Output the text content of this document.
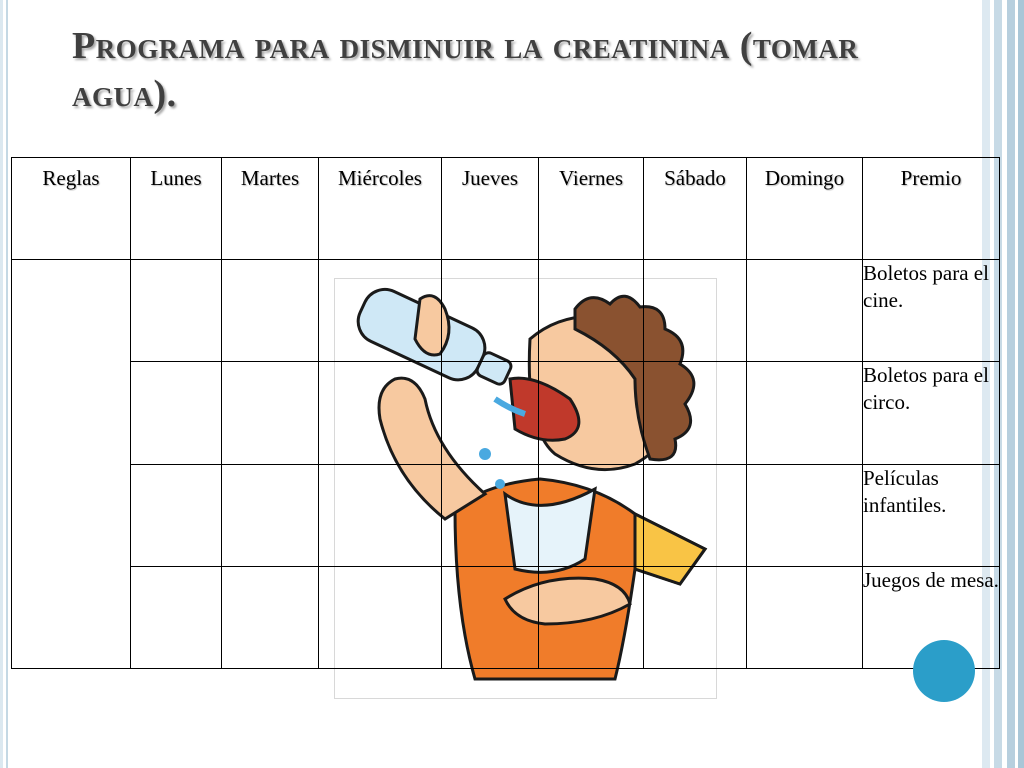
Programa para disminuir la creatinina (tomar agua).
Reglas	Lunes	Martes	Miércoles	Jueves	Viernes	Sábado	Domingo	Premio
								Boletos para el cine.
								Boletos para el circo.
								Películas infantiles.
								Juegos de mesa.
